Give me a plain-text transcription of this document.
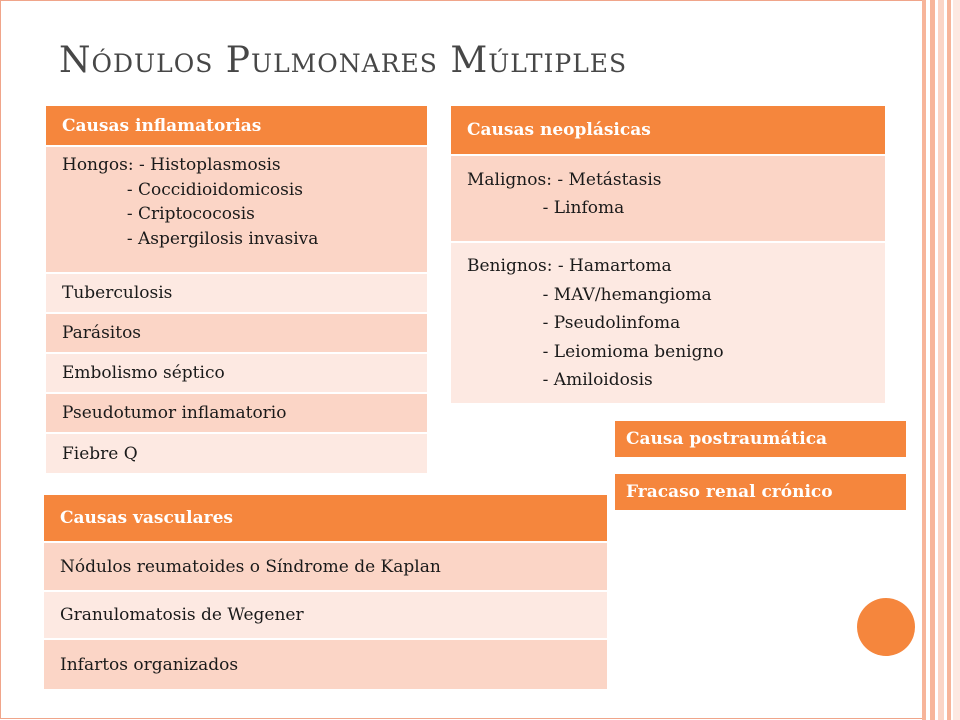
Nódulos Pulmonares Múltiples
Causas inflamatorias
Hongos: - Histoplasmosis
- Coccidioidomicosis
- Criptococosis
- Aspergilosis invasiva
Tuberculosis
Parásitos
Embolismo séptico
Pseudotumor inflamatorio
Fiebre Q
Causas neoplásicas
Malignos: - Metástasis
- Linfoma
Benignos: - Hamartoma
- MAV/hemangioma
- Pseudolinfoma
- Leiomioma benigno
- Amiloidosis
Causa postraumática
Fracaso renal crónico
Causas vasculares
Nódulos reumatoides o Síndrome de Kaplan
Granulomatosis de Wegener
Infartos organizados
